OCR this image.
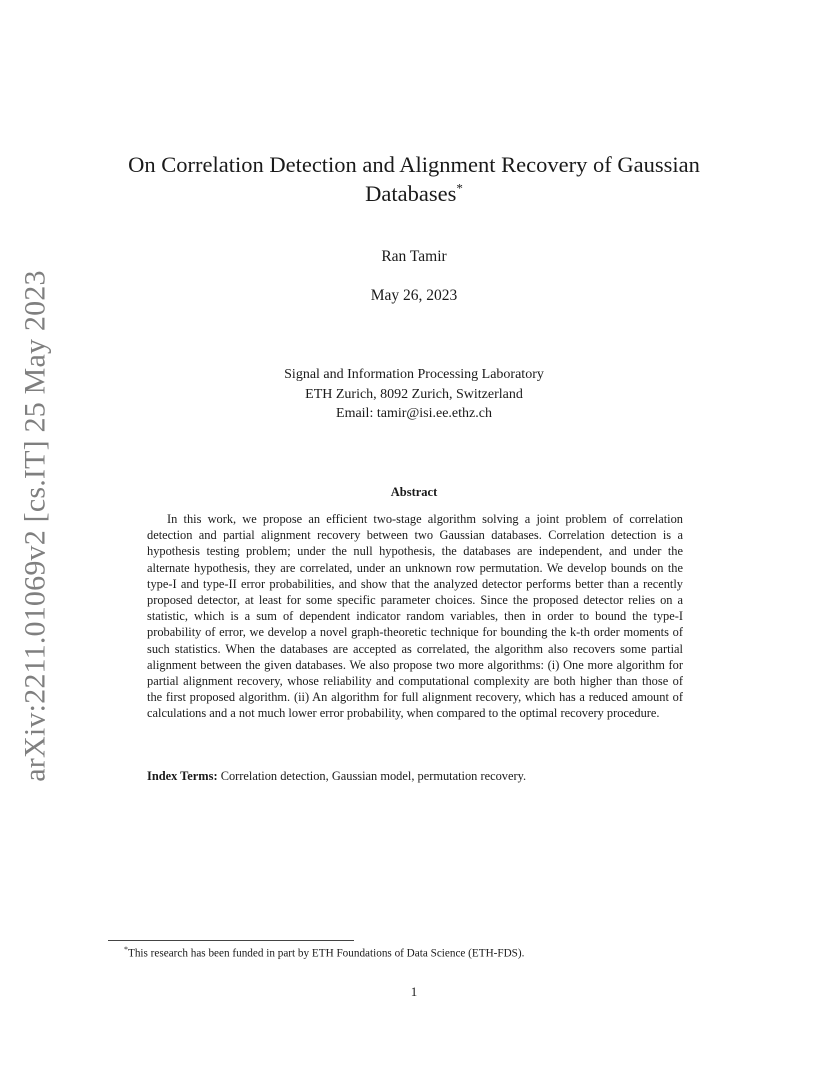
arXiv:2211.01069v2 [cs.IT] 25 May 2023
On Correlation Detection and Alignment Recovery of Gaussian
Databases*
Ran Tamir
May 26, 2023
Signal and Information Processing Laboratory
ETH Zurich, 8092 Zurich, Switzerland
Email: tamir@isi.ee.ethz.ch
Abstract

In this work, we propose an efficient two-stage algorithm solving a joint problem of correlation detection and partial alignment recovery between two Gaussian databases. Correlation detection is a hypothesis testing problem; under the null hypothesis, the databases are independent, and under the alternate hypothesis, they are correlated, under an unknown row permutation. We develop bounds on the type-I and type-II error probabilities, and show that the analyzed detector performs better than a recently proposed detector, at least for some specific parameter choices. Since the proposed detector relies on a statistic, which is a sum of dependent indicator random variables, then in order to bound the type-I probability of error, we develop a novel graph-theoretic technique for bounding the k-th order moments of such statistics. When the databases are accepted as correlated, the algorithm also recovers some partial alignment between the given databases. We also propose two more algorithms: (i) One more algorithm for partial alignment recovery, whose reliability and computational complexity are both higher than those of the first proposed algorithm. (ii) An algorithm for full alignment recovery, which has a reduced amount of calculations and a not much lower error probability, when compared to the optimal recovery procedure.

Index Terms: Correlation detection, Gaussian model, permutation recovery.
*This research has been funded in part by ETH Foundations of Data Science (ETH-FDS).
1
